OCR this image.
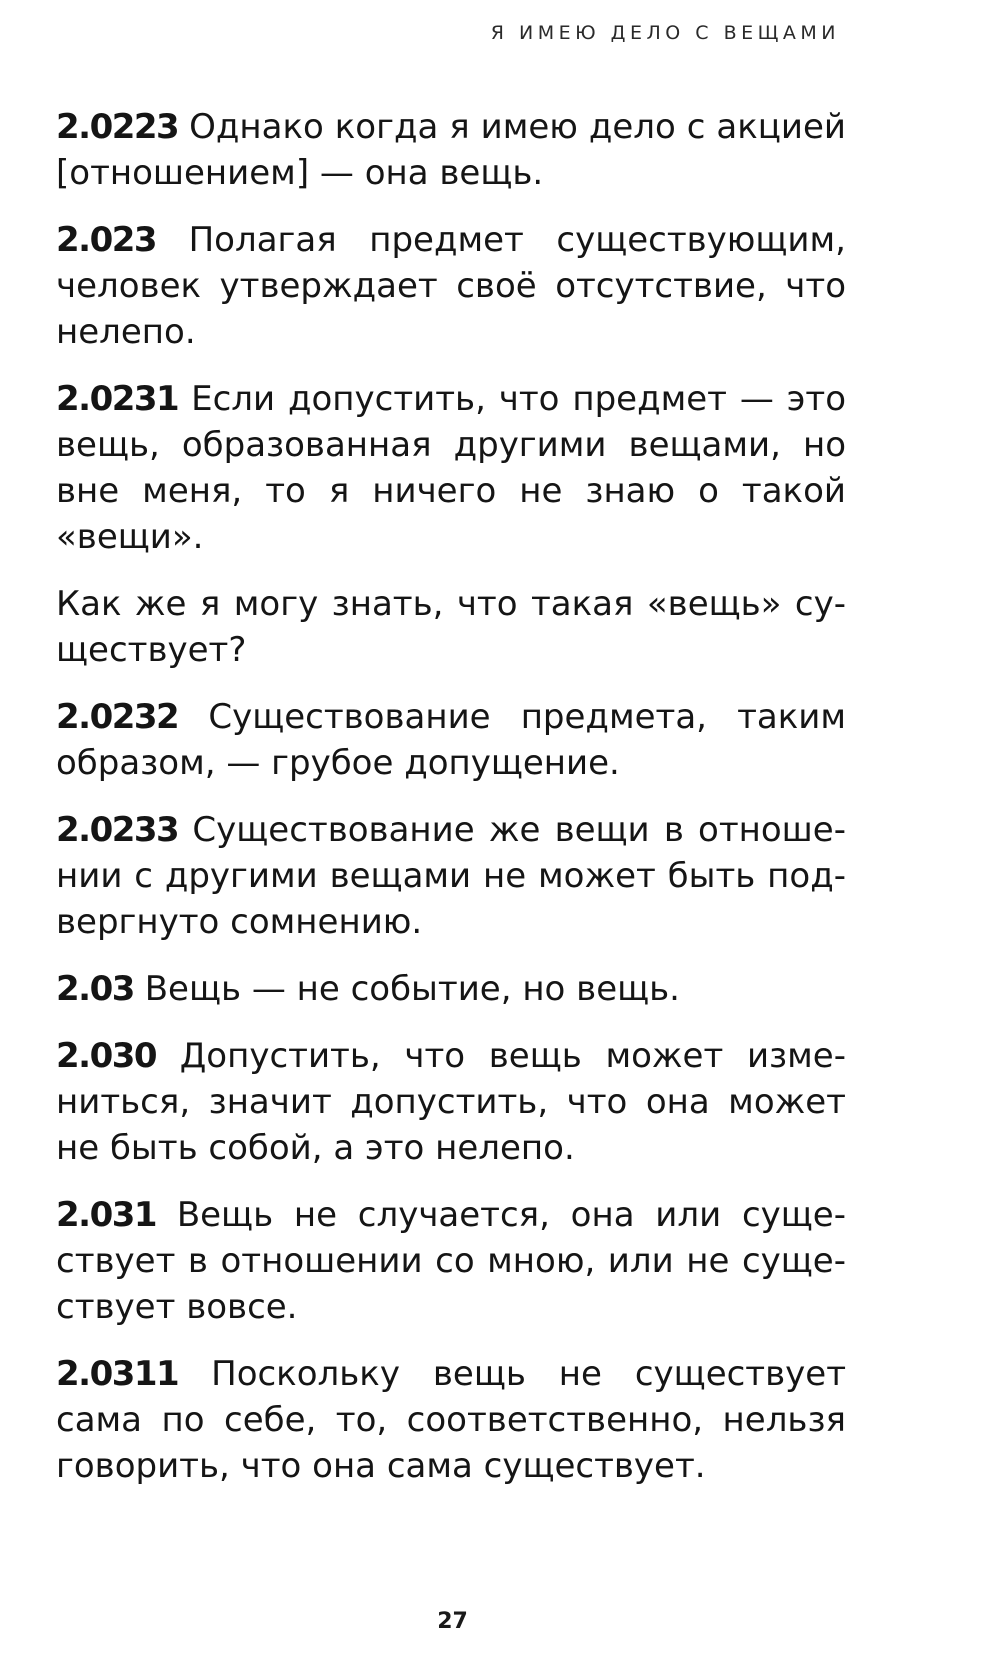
Я ИМЕЮ ДЕЛО С ВЕЩАМИ

2.0223 Однако когда я имею дело с акцией [отношением] — она вещь.

2.023 Полагая предмет существующим, человек утверждает своё отсутствие, что нелепо.

2.0231 Если допустить, что предмет — это вещь, образованная другими вещами, но вне меня, то я ничего не знаю о такой «вещи».

Как же я могу знать, что такая «вещь» существует?

2.0232 Существование предмета, таким образом, — грубое допущение.

2.0233 Существование же вещи в отношении с другими вещами не может быть подвергнуто сомнению.

2.03 Вещь — не событие, но вещь.

2.030 Допустить, что вещь может измениться, значит допустить, что она может не быть собой, а это нелепо.

2.031 Вещь не случается, она или существует в отношении со мною, или не существует вовсе.

2.0311 Поскольку вещь не существует сама по себе, то, соответственно, нельзя говорить, что она сама существует.

27
